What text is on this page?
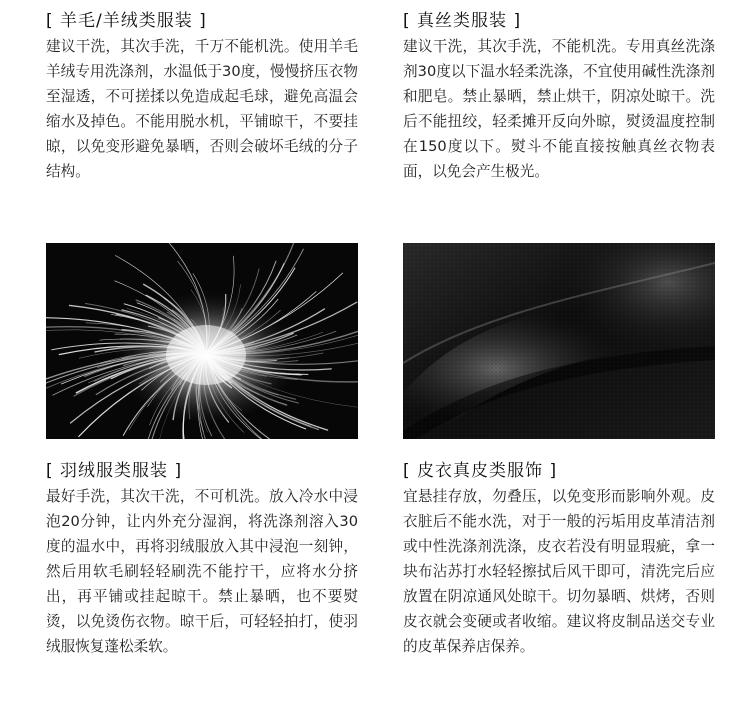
[ 羊毛/羊绒类服装 ]
建议干洗，其次手洗，千万不能机洗。使用羊毛羊绒专用洗涤剂，水温低于30度，慢慢挤压衣物至湿透，不可搓揉以免造成起毛球，避免高温会缩水及掉色。不能用脱水机，平铺晾干，不要挂晾，以免变形避免暴晒，否则会破坏毛绒的分子结构。
[ 真丝类服装 ]
建议干洗，其次手洗，不能机洗。专用真丝洗涤剂30度以下温水轻柔洗涤，不宜使用碱性洗涤剂和肥皂。禁止暴晒，禁止烘干，阴凉处晾干。洗后不能扭绞，轻柔摊开反向外晾，熨烫温度控制在150度以下。熨斗不能直接按触真丝衣物表面，以免会产生极光。
[ 羽绒服类服装 ]
最好手洗，其次干洗，不可机洗。放入冷水中浸泡20分钟，让内外充分湿润，将洗涤剂溶入30度的温水中，再将羽绒服放入其中浸泡一刻钟，然后用软毛刷轻轻刷洗不能拧干，应将水分挤出，再平铺或挂起晾干。禁止暴晒，也不要熨烫，以免烫伤衣物。晾干后，可轻轻拍打，使羽绒服恢复蓬松柔软。
[ 皮衣真皮类服饰 ]
宜悬挂存放，勿叠压，以免变形而影响外观。皮衣脏后不能水洗，对于一般的污垢用皮革清洁剂或中性洗涤剂洗涤，皮衣若没有明显瑕疵，拿一块布沾苏打水轻轻擦拭后风干即可，清洗完后应放置在阴凉通风处晾干。切勿暴晒、烘烤，否则皮衣就会变硬或者收缩。建议将皮制品送交专业的皮革保养店保养。
